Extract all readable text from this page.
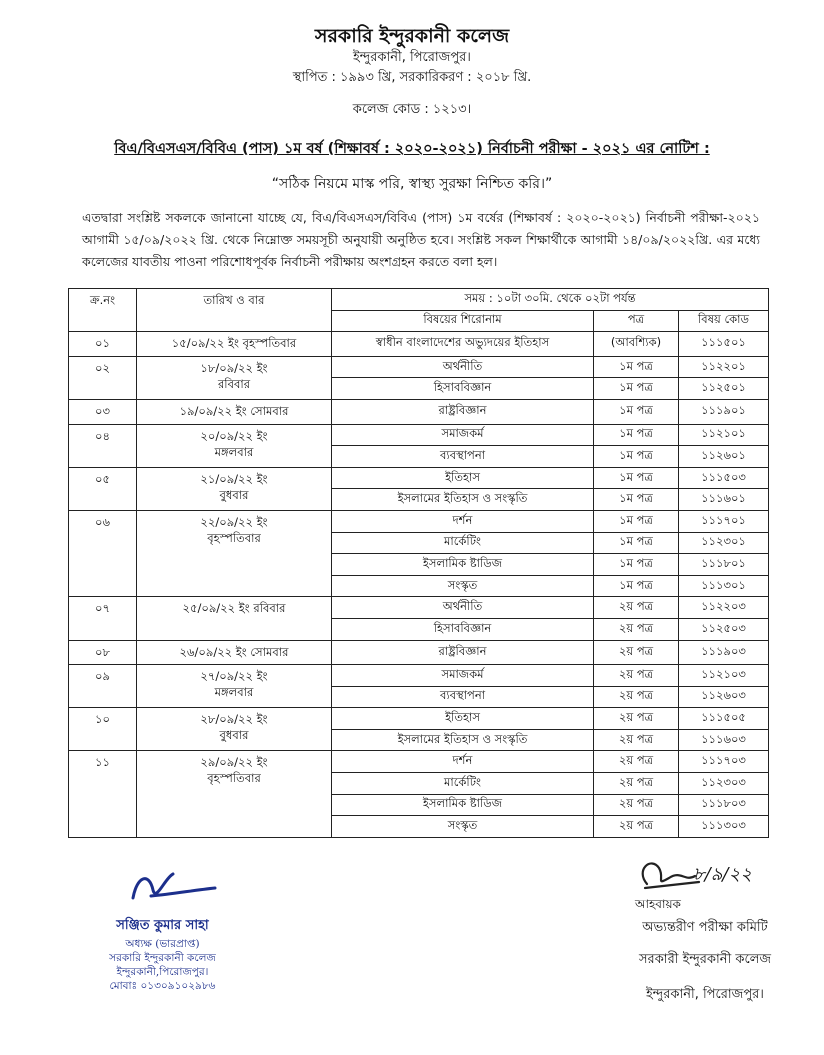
সরকারি ইন্দুরকানী কলেজ
ইন্দুরকানী, পিরোজপুর।
স্থাপিত : ১৯৯৩ খ্রি, সরকারিকরণ : ২০১৮ খ্রি.
কলেজ কোড : ১২১৩।
বিএ/বিএসএস/বিবিএ (পাস) ১ম বর্ষ (শিক্ষাবর্ষ : ২০২০-২০২১) নির্বাচনী পরীক্ষা - ২০২১ এর নোটিশ :
“সঠিক নিয়মে মাস্ক পরি, স্বাস্থ্য সুরক্ষা নিশ্চিত করি।”
এতদ্বারা সংশ্লিষ্ট সকলকে জানানো যাচ্ছে যে, বিএ/বিএসএস/বিবিএ (পাস) ১ম বর্ষের (শিক্ষাবর্ষ : ২০২০-২০২১) নির্বাচনী পরীক্ষা-২০২১ আগামী ১৫/০৯/২০২২ খ্রি. থেকে নিম্নোক্ত সময়সূচী অনুযায়ী অনুষ্ঠিত হবে। সংশ্লিষ্ট সকল শিক্ষার্থীকে আগামী ১৪/০৯/২০২২খ্রি. এর মধ্যে কলেজের যাবতীয় পাওনা পরিশোধপূর্বক নির্বাচনী পরীক্ষায় অংশগ্রহন করতে বলা হল।
ক্র.নং	তারিখ ও বার	সময় : ১০টা ৩০মি. থেকে ০২টা পর্যন্ত		
		বিষয়ের শিরোনাম	পত্র	বিষয় কোড
০১	১৫/০৯/২২ ইং বৃহস্পতিবার	স্বাধীন বাংলাদেশের অভ্যুদয়ের ইতিহাস	(আবশ্যিক)	১১১৫০১
০২	১৮/০৯/২২ ইং
রবিবার	অর্থনীতি	১ম পত্র	১১২২০১
		হিসাববিজ্ঞান	১ম পত্র	১১২৫০১
০৩	১৯/০৯/২২ ইং সোমবার	রাষ্ট্রবিজ্ঞান	১ম পত্র	১১১৯০১
০৪	২০/০৯/২২ ইং
মঙ্গলবার	সমাজকর্ম	১ম পত্র	১১২১০১
		ব্যবস্থাপনা	১ম পত্র	১১২৬০১
০৫	২১/০৯/২২ ইং
বুধবার	ইতিহাস	১ম পত্র	১১১৫০৩
		ইসলামের ইতিহাস ও সংস্কৃতি	১ম পত্র	১১১৬০১
০৬	২২/০৯/২২ ইং
বৃহস্পতিবার	দর্শন	১ম পত্র	১১১৭০১
		মার্কেটিং	১ম পত্র	১১২৩০১
		ইসলামিক ষ্টাডিজ	১ম পত্র	১১১৮০১
		সংস্কৃত	১ম পত্র	১১১৩০১
০৭	২৫/০৯/২২ ইং রবিবার	অর্থনীতি	২য় পত্র	১১২২০৩
		হিসাববিজ্ঞান	২য় পত্র	১১২৫০৩
০৮	২৬/০৯/২২ ইং সোমবার	রাষ্ট্রবিজ্ঞান	২য় পত্র	১১১৯০৩
০৯	২৭/০৯/২২ ইং
মঙ্গলবার	সমাজকর্ম	২য় পত্র	১১২১০৩
		ব্যবস্থাপনা	২য় পত্র	১১২৬০৩
১০	২৮/০৯/২২ ইং
বুধবার	ইতিহাস	২য় পত্র	১১১৫০৫
		ইসলামের ইতিহাস ও সংস্কৃতি	২য় পত্র	১১১৬০৩
১১	২৯/০৯/২২ ইং
বৃহস্পতিবার	দর্শন	২য় পত্র	১১১৭০৩
		মার্কেটিং	২য় পত্র	১১২৩০৩
		ইসলামিক ষ্টাডিজ	২য় পত্র	১১১৮০৩
		সংস্কৃত	২য় পত্র	১১১৩০৩
সঞ্জিত কুমার সাহা
অধ্যক্ষ (ভারপ্রাপ্ত)
সরকারি ইন্দুরকানী কলেজ
ইন্দুরকানী,পিরোজপুর।
মোবাঃ ০১৩০৯১০২৯৮৬
৮/৯/২২
আহবায়ক
অভ্যন্তরীণ পরীক্ষা কমিটি
সরকারী ইন্দুরকানী কলেজ
ইন্দুরকানী, পিরোজপুর।
